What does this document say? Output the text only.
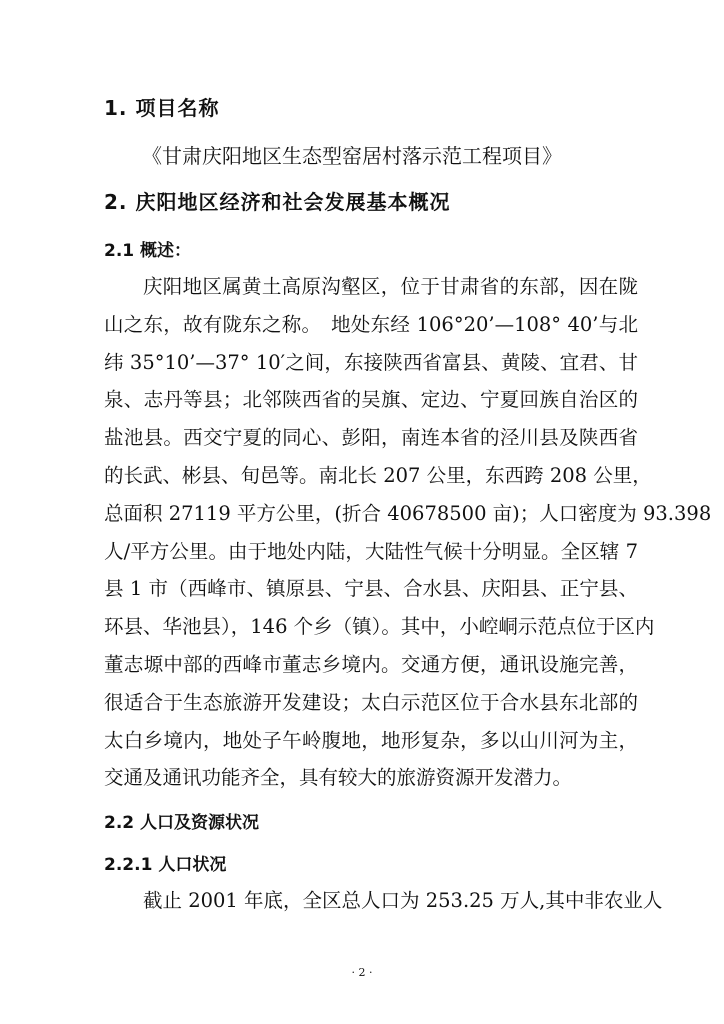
1. 项目名称
《甘肃庆阳地区生态型窑居村落示范工程项目》
2. 庆阳地区经济和社会发展基本概况
2.1 概述：
庆阳地区属黄土高原沟壑区，位于甘肃省的东部，因在陇
山之东，故有陇东之称。　地处东经 106°20’—108° 40’与北
纬 35°10’—37° 10′之间，东接陕西省富县、黄陵、宜君、甘
泉、志丹等县；北邻陕西省的吴旗、定边、宁夏回族自治区的
盐池县。西交宁夏的同心、彭阳，南连本省的泾川县及陕西省
的长武、彬县、旬邑等。南北长 207 公里，东西跨 208 公里，
总面积 27119 平方公里，(折合 40678500 亩)；人口密度为 93.398
人/平方公里。由于地处内陆，大陆性气候十分明显。全区辖 7
县 1 市（西峰市、镇原县、宁县、合水县、庆阳县、正宁县、
环县、华池县），146 个乡（镇）。其中，小崆峒示范点位于区内
董志塬中部的西峰市董志乡境内。交通方便，通讯设施完善，
很适合于生态旅游开发建设；太白示范区位于合水县东北部的
太白乡境内，地处子午岭腹地，地形复杂，多以山川河为主，
交通及通讯功能齐全，具有较大的旅游资源开发潜力。
2.2 人口及资源状况
2.2.1 人口状况
截止 2001 年底，全区总人口为 253.25 万人,其中非农业人
· 2 ·
